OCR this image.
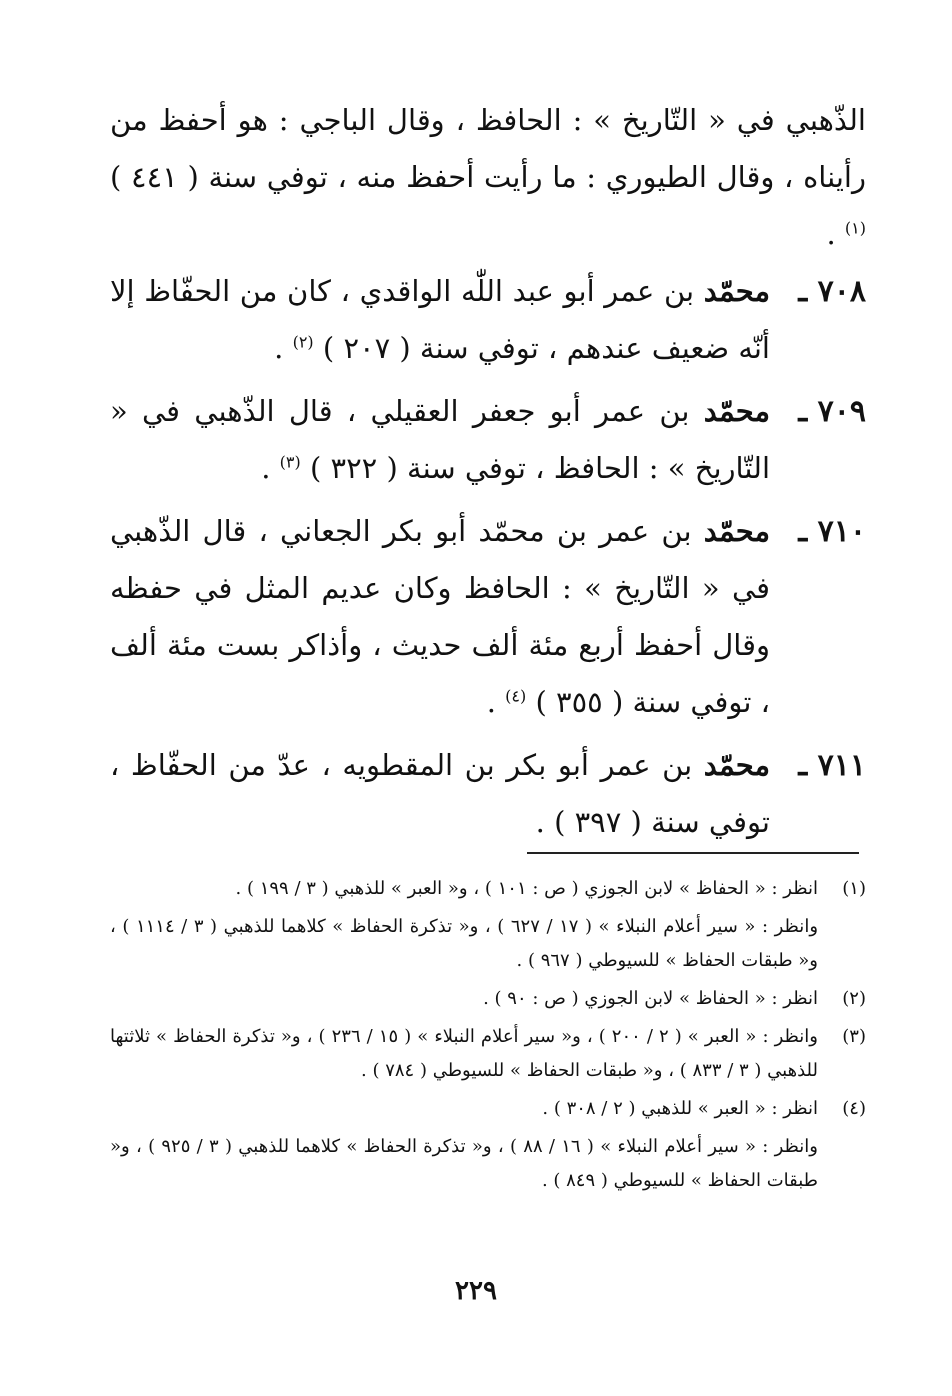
الذّهبي في « التّاريخ » : الحافظ ، وقال الباجي : هو أحفظ من رأيناه ، وقال الطيوري : ما رأيت أحفظ منه ، توفي سنة ( ٤٤١ ) $^{(١)}$ .
٧٠٨ ـ
محمّد بن عمر أبو عبد اللّٰه الواقدي ، كان من الحفّاظ إلا أنّه ضعيف عندهم ، توفي سنة ( ٢٠٧ ) $^{(٢)}$ .
٧٠٩ ـ
محمّد بن عمر أبو جعفر العقيلي ، قال الذّهبي في « التّاريخ » : الحافظ ، توفي سنة ( ٣٢٢ ) $^{(٣)}$ .
٧١٠ ـ
محمّد بن عمر بن محمّد أبو بكر الجعاني ، قال الذّهبي في « التّاريخ » : الحافظ وكان عديم المثل في حفظه وقال أحفظ أربع مئة ألف حديث ، وأذاكر بست مئة ألف ، توفي سنة ( ٣٥٥ ) $^{(٤)}$ .
٧١١ ـ
محمّد بن عمر أبو بكر بن المقطويه ، عدّ من الحفّاظ ، توفي سنة ( ٣٩٧ ) .
(١)
انظر : « الحفاظ » لابن الجوزي ( ص : ١٠١ ) ، و« العبر » للذهبي ( ٣ / ١٩٩ ) .
وانظر : « سير أعلام النبلاء » ( ١٧ / ٦٢٧ ) ، و« تذكرة الحفاظ » كلاهما للذهبي ( ٣ / ١١١٤ ) ، و« طبقات الحفاظ » للسيوطي ( ٩٦٧ ) .
(٢)
انظر : « الحفاظ » لابن الجوزي ( ص : ٩٠ ) .
(٣)
وانظر : « العبر » ( ٢ / ٢٠٠ ) ، و« سير أعلام النبلاء » ( ١٥ / ٢٣٦ ) ، و« تذكرة الحفاظ » ثلاثتها للذهبي ( ٣ / ٨٣٣ ) ، و« طبقات الحفاظ » للسيوطي ( ٧٨٤ ) .
(٤)
انظر : « العبر » للذهبي ( ٢ / ٣٠٨ ) .
وانظر : « سير أعلام النبلاء » ( ١٦ / ٨٨ ) ، و« تذكرة الحفاظ » كلاهما للذهبي ( ٣ / ٩٢٥ ) ، و« طبقات الحفاظ » للسيوطي ( ٨٤٩ ) .
٢٢٩
